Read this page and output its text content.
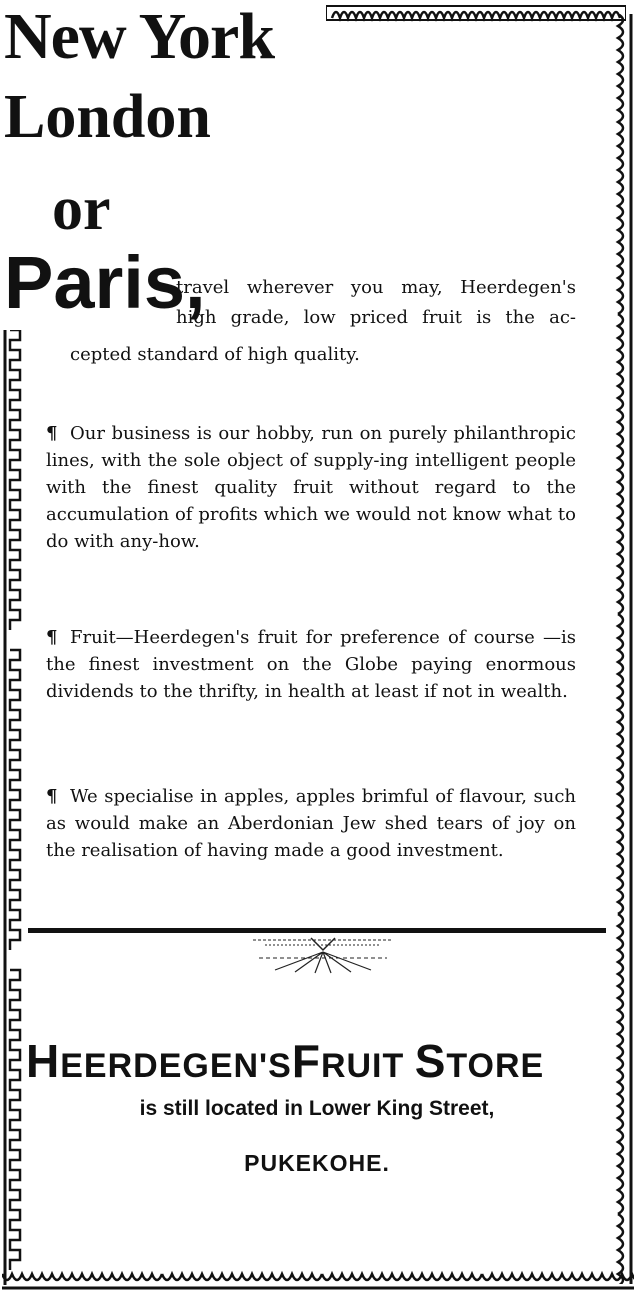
New York
London
or
Paris,

travel wherever you may, Heerdegen's

high grade, low priced fruit is the ac-

cepted standard of high quality.

¶ Our business is our hobby, run on purely philanthropic lines, with the sole object of supply-ing intelligent people with the finest quality fruit without regard to the accumulation of profits which we would not know what to do with any-how.

¶ Fruit—Heerdegen's fruit for preference of course —is the finest investment on the Globe paying enormous dividends to the thrifty, in health at least if not in wealth.

¶ We specialise in apples, apples brimful of flavour, such as would make an Aberdonian Jew shed tears of joy on the realisation of having made a good investment.

HEERDEGEN'SFRUIT STORE

is still located in Lower King Street,

PUKEKOHE.
